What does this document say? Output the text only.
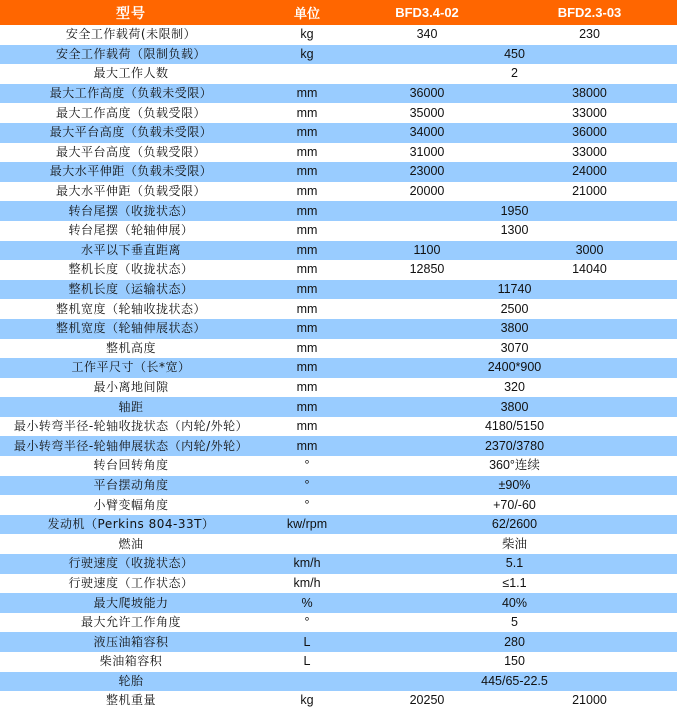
型号	单位	BFD3.4-02	BFD2.3-03
安全工作载荷(未限制）	kg	340	230
安全工作载荷（限制负载）	kg	450	
最大工作人数		2	
最大工作高度（负载未受限）	mm	36000	38000
最大工作高度（负载受限）	mm	35000	33000
最大平台高度（负载未受限）	mm	34000	36000
最大平台高度（负载受限）	mm	31000	33000
最大水平伸距（负载未受限）	mm	23000	24000
最大水平伸距（负载受限）	mm	20000	21000
转台尾摆（收拢状态）	mm	1950	
转台尾摆（轮轴伸展）	mm	1300	
水平以下垂直距离	mm	1100	3000
整机长度（收拢状态）	mm	12850	14040
整机长度（运输状态）	mm	11740	
整机宽度（轮轴收拢状态）	mm	2500	
整机宽度（轮轴伸展状态）	mm	3800	
整机高度	mm	3070	
工作平尺寸（长*宽）	mm	2400*900	
最小离地间隙	mm	320	
轴距	mm	3800	
最小转弯半径-轮轴收拢状态（内轮/外轮）	mm	4180/5150	
最小转弯半径-轮轴伸展状态（内轮/外轮）	mm	2370/3780	
转台回转角度	°	360°连续	
平台摆动角度	°	±90%	
小臂变幅角度	°	+70/-60	
发动机（Perkins 804-33T）	kw/rpm	62/2600	
燃油		柴油	
行驶速度（收拢状态）	km/h	5.1	
行驶速度（工作状态）	km/h	≤1.1	
最大爬坡能力	%	40%	
最大允许工作角度	°	5	
液压油箱容积	L	280	
柴油箱容积	L	150	
轮胎		445/65-22.5	
整机重量	kg	20250	21000
